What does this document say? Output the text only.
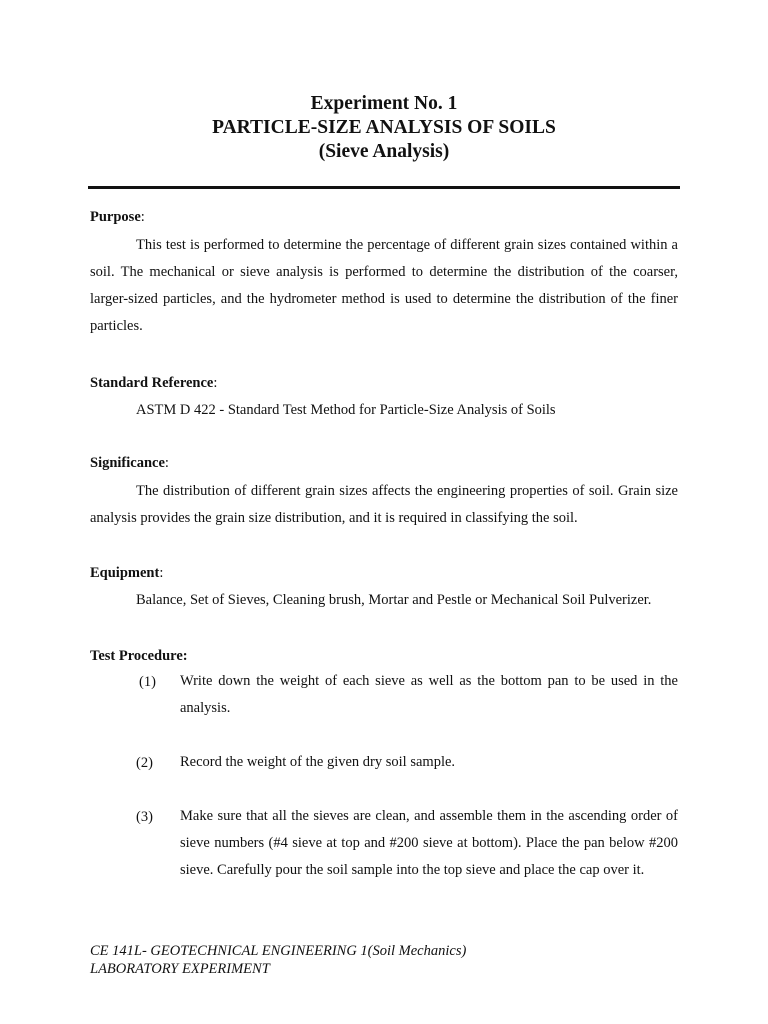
Experiment No. 1
PARTICLE-SIZE ANALYSIS OF SOILS
(Sieve Analysis)
Purpose:
This test is performed to determine the percentage of different grain sizes contained within a soil. The mechanical or sieve analysis is performed to determine the distribution of the coarser, larger-sized particles, and the hydrometer method is used to determine the distribution of the finer particles.
Standard Reference:
ASTM D 422 - Standard Test Method for Particle-Size Analysis of Soils
Significance:
The distribution of different grain sizes affects the engineering properties of soil. Grain size analysis provides the grain size distribution, and it is required in classifying the soil.
Equipment:
Balance, Set of Sieves, Cleaning brush, Mortar and Pestle or Mechanical Soil Pulverizer.
Test Procedure:
(1) Write down the weight of each sieve as well as the bottom pan to be used in the analysis.
(2) Record the weight of the given dry soil sample.
(3) Make sure that all the sieves are clean, and assemble them in the ascending order of sieve numbers (#4 sieve at top and #200 sieve at bottom). Place the pan below #200 sieve. Carefully pour the soil sample into the top sieve and place the cap over it.
CE 141L- GEOTECHNICAL ENGINEERING 1(Soil Mechanics)
LABORATORY EXPERIMENT
